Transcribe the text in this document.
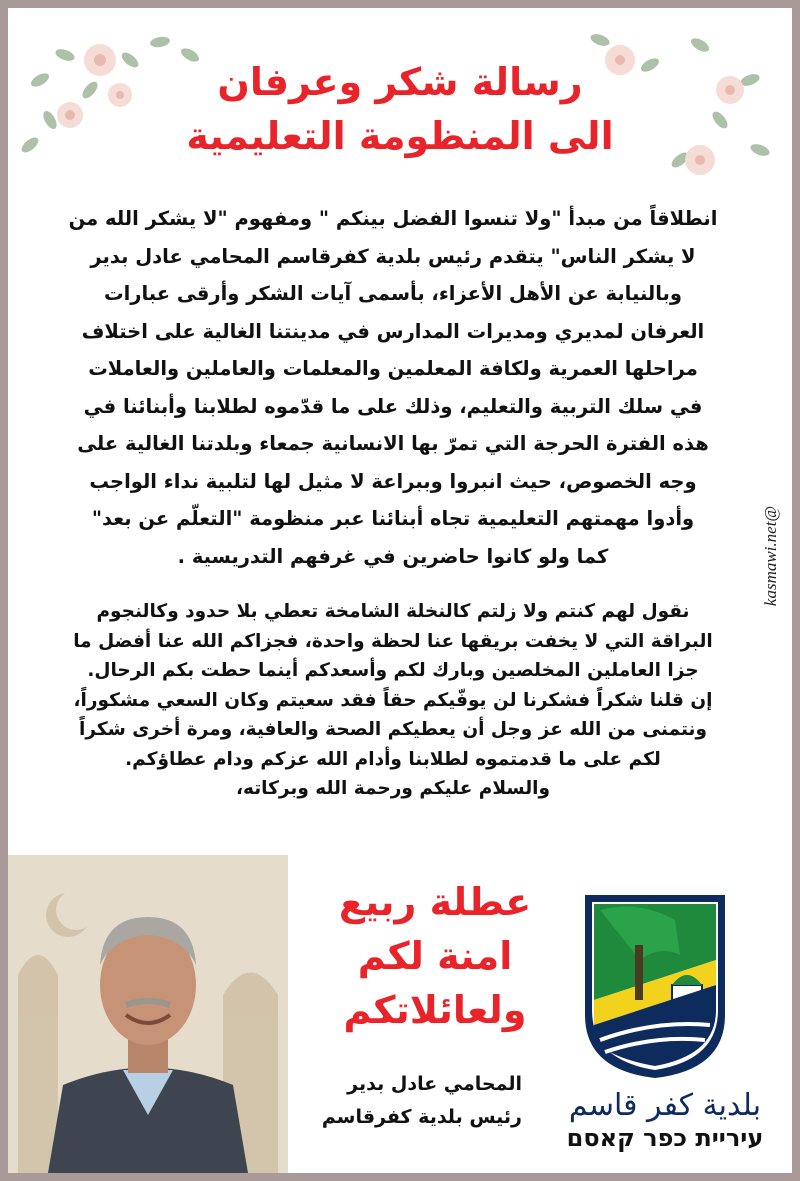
رسالة شكر وعرفان
الى المنظومة التعليمية
انطلاقاً من مبدأ "ولا تنسوا الفضل بينكم " ومفهوم "لا يشكر الله من
لا يشكر الناس" يتقدم رئيس بلدية كفرقاسم المحامي عادل بدير
وبالنيابة عن الأهل الأعزاء، بأسمى آيات الشكر وأرقى عبارات
العرفان لمديري ومديرات المدارس في مدينتنا الغالية على اختلاف
مراحلها العمرية ولكافة المعلمين والمعلمات والعاملين والعاملات
في سلك التربية والتعليم، وذلك على ما قدّموه لطلابنا وأبنائنا في
هذه الفترة الحرجة التي تمرّ بها الانسانية جمعاء وبلدتنا الغالية على
وجه الخصوص، حيث انبروا وببراعة لا مثيل لها لتلبية نداء الواجب
وأدوا مهمتهم التعليمية تجاه أبنائنا عبر منظومة "التعلّم عن بعد"
كما ولو كانوا حاضرين في غرفهم التدريسية .
نقول لهم كنتم ولا زلتم كالنخلة الشامخة تعطي بلا حدود وكالنجوم
البراقة التي لا يخفت بريقها عنا لحظة واحدة، فجزاكم الله عنا أفضل ما
جزا العاملين المخلصين وبارك لكم وأسعدكم أينما حطت بكم الرحال.
إن قلنا شكراً فشكرنا لن يوفّيكم حقاً فقد سعيتم وكان السعي مشكوراً،
ونتمنى من الله عز وجل أن يعطيكم الصحة والعافية، ومرة أخرى شكراً
لكم على ما قدمتموه لطلابنا وأدام الله عزكم ودام عطاؤكم.
والسلام عليكم ورحمة الله وبركاته،
kasmawi.net@
عطلة ربيع
امنة لكم
ولعائلاتكم
المحامي عادل بدير
رئيس بلدية كفرقاسم	بلدية كفر قاسم
עיריית כפר קאסם
